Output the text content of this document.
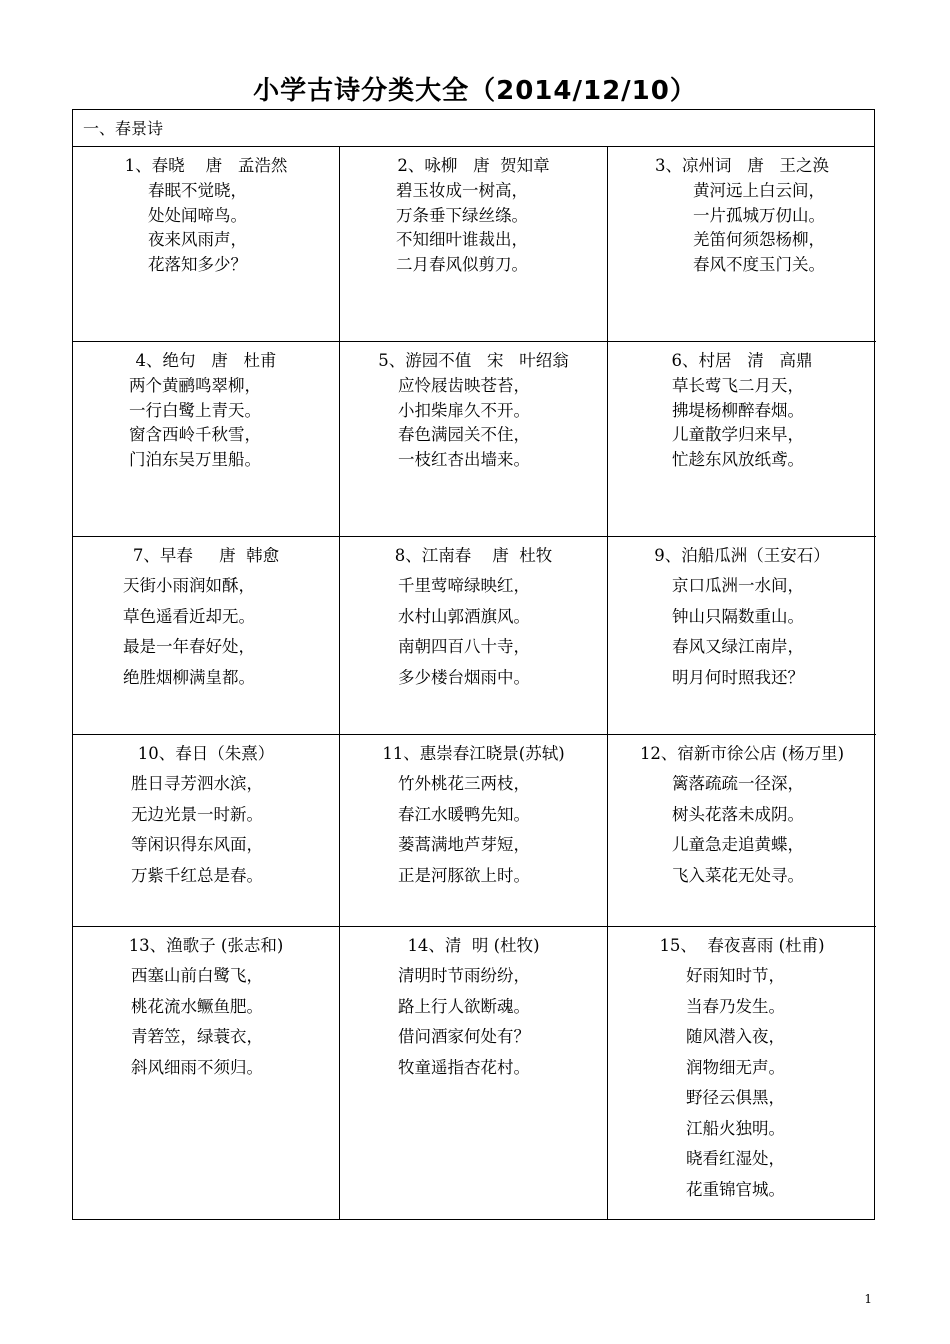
小学古诗分类大全（2014/12/10）
一、春景诗
1、春晓    唐   孟浩然
春眠不觉晓，
处处闻啼鸟。
夜来风雨声，
花落知多少？
2、咏柳   唐  贺知章
碧玉妆成一树高，
万条垂下绿丝绦。
不知细叶谁裁出，
二月春风似剪刀。
3、凉州词   唐   王之涣
黄河远上白云间，
一片孤城万仞山。
羌笛何须怨杨柳，
春风不度玉门关。
4、绝句   唐   杜甫
两个黄鹂鸣翠柳，
一行白鹭上青天。
窗含西岭千秋雪，
门泊东吴万里船。
5、游园不值   宋   叶绍翁
应怜屐齿映苍苔，
小扣柴扉久不开。
春色满园关不住，
一枝红杏出墙来。
6、村居   清   高鼎
草长莺飞二月天，
拂堤杨柳醉春烟。
儿童散学归来早，
忙趁东风放纸鸢。
7、早春     唐  韩愈
天街小雨润如酥，
草色遥看近却无。
最是一年春好处，
绝胜烟柳满皇都。
8、江南春    唐  杜牧
千里莺啼绿映红，
水村山郭酒旗风。
南朝四百八十寺，
多少楼台烟雨中。
9、泊船瓜洲（王安石）
京口瓜洲一水间，
钟山只隔数重山。
春风又绿江南岸，
明月何时照我还？
10、春日（朱熹）
胜日寻芳泗水滨，
无边光景一时新。
等闲识得东风面，
万紫千红总是春。
11、惠崇春江晓景(苏轼)
竹外桃花三两枝，
春江水暖鸭先知。
蒌蒿满地芦芽短，
正是河豚欲上时。
12、宿新市徐公店 (杨万里)
篱落疏疏一径深，
树头花落未成阴。
儿童急走追黄蝶，
飞入菜花无处寻。
13、渔歌子 (张志和)
西塞山前白鹭飞，
桃花流水鳜鱼肥。
青箬笠，绿蓑衣，
斜风细雨不须归。
14、清  明 (杜牧)
清明时节雨纷纷，
路上行人欲断魂。
借问酒家何处有？
牧童遥指杏花村。
15、  春夜喜雨 (杜甫)
好雨知时节，
当春乃发生。
随风潜入夜，
润物细无声。
野径云俱黑，
江船火独明。
晓看红湿处，
花重锦官城。
1
